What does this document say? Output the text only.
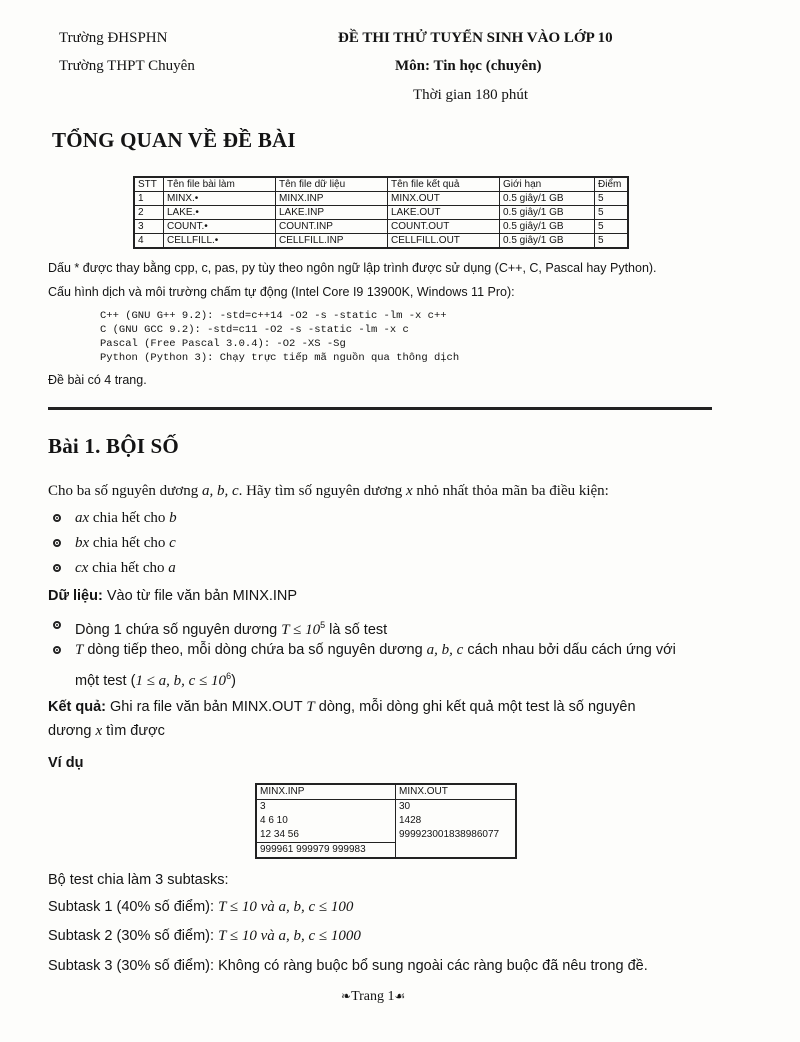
Trường ĐHSPHN
Trường THPT Chuyên
ĐỀ THI THỬ TUYỂN SINH VÀO LỚP 10
Môn: Tin học (chuyên)
Thời gian 180 phút
TỔNG QUAN VỀ ĐỀ BÀI
STT	Tên file bài làm	Tên file dữ liệu	Tên file kết quả	Giới hạn	Điểm
1	MINX.•	MINX.INP	MINX.OUT	0.5 giây/1 GB	5
2	LAKE.•	LAKE.INP	LAKE.OUT	0.5 giây/1 GB	5
3	COUNT.•	COUNT.INP	COUNT.OUT	0.5 giây/1 GB	5
4	CELLFILL.•	CELLFILL.INP	CELLFILL.OUT	0.5 giây/1 GB	5
Dấu * được thay bằng cpp, c, pas, py tùy theo ngôn ngữ lập trình được sử dụng (C++, C, Pascal hay Python).
Cấu hình dịch và môi trường chấm tự động (Intel Core I9 13900K, Windows 11 Pro):
C++ (GNU G++ 9.2): -std=c++14 -O2 -s -static -lm -x c++
C (GNU GCC 9.2): -std=c11 -O2 -s -static -lm -x c
Pascal (Free Pascal 3.0.4): -O2 -XS -Sg
Python (Python 3): Chạy trực tiếp mã nguồn qua thông dịch
Đề bài có 4 trang.
Bài 1. BỘI SỐ
Cho ba số nguyên dương a, b, c. Hãy tìm số nguyên dương x nhỏ nhất thỏa mãn ba điều kiện:
ax chia hết cho b
bx chia hết cho c
cx chia hết cho a
Dữ liệu: Vào từ file văn bản MINX.INP
Dòng 1 chứa số nguyên dương $T \le 10^5$ là số test
T dòng tiếp theo, mỗi dòng chứa ba số nguyên dương a, b, c cách nhau bởi dấu cách ứng với
một test (1 ≤ a, b, $c \le 10^6$)
Kết quả: Ghi ra file văn bản MINX.OUT T dòng, mỗi dòng ghi kết quả một test là số nguyên
dương x tìm được
Ví dụ
MINX.INP	MINX.OUT
3	30
4 6 10	1428
12 34 56	999923001838986077
999961 999979 999983	
Bộ test chia làm 3 subtasks:
Subtask 1 (40% số điểm): T ≤ 10 và a, b, c ≤ 100
Subtask 2 (30% số điểm): T ≤ 10 và a, b, c ≤ 1000
Subtask 3 (30% số điểm): Không có ràng buộc bổ sung ngoài các ràng buộc đã nêu trong đề.
❧Trang 1☙
